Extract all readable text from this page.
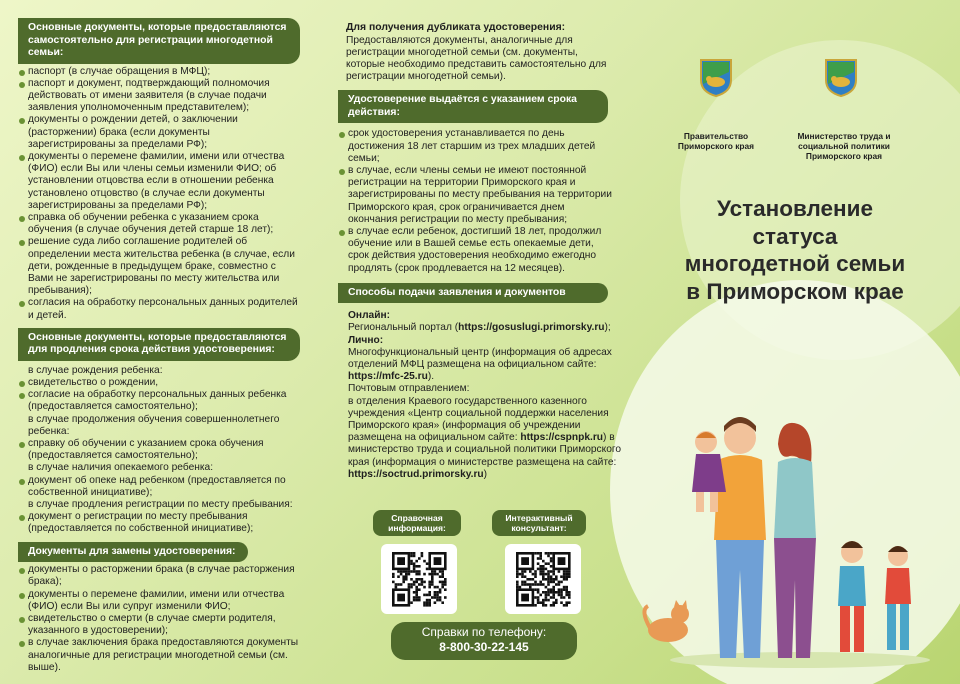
Основные документы, которые предоставляются самостоятельно для регистрации многодетной семьи:
паспорт (в случае обращения в МФЦ);
паспорт и документ, подтверждающий полномочия действовать от имени заявителя (в случае подачи заявления уполномоченным представителем);
документы о рождении детей, о заключении (расторжении) брака (если документы зарегистрированы за пределами РФ);
документы о перемене фамилии, имени или отчества (ФИО) если Вы или члены семьи изменили ФИО; об установлении отцовства если в отношении ребенка установлено отцовство (в случае если документы зарегистрированы за пределами РФ);
справка об обучении ребенка с указанием срока обучения (в случае обучения детей старше 18 лет);
решение суда либо соглашение родителей об определении места жительства ребенка (в случае, если дети, рожденные в предыдущем браке, совместно с Вами не зарегистрированы по месту жительства или пребывания);
согласия на обработку персональных данных родителей и детей.
Основные документы, которые предоставляются для продления срока действия удостоверения:
в случае рождения ребенка:
свидетельство о рождении,
согласие на обработку персональных данных ребенка (предоставляется самостоятельно);
в случае продолжения обучения совершеннолетнего ребенка:
справку об обучении с указанием срока обучения (предоставляется самостоятельно);
в случае наличия опекаемого ребенка:
документ об опеке над ребенком (предоставляется по собственной инициативе);
в случае продления регистрации по месту пребывания:
документ о регистрации по месту пребывания (предоставляется по собственной инициативе);
Документы для замены удостоверения:
документы о расторжении брака (в случае расторжения брака);
документы о перемене фамилии, имени или отчества (ФИО) если Вы или супруг изменили ФИО;
свидетельство о смерти (в случае смерти родителя, указанного в удостоверении);
в случае заключения брака предоставляются документы аналогичные для регистрации многодетной семьи (см. выше).
Для получения дубликата удостоверения:

Предоставляются документы, аналогичные для регистрации многодетной семьи (см. документы, которые необходимо представить самостоятельно для регистрации многодетной семьи).

Удостоверение выдаётся с указанием срока действия:
срок удостоверения устанавливается по день достижения 18 лет старшим из трех младших детей семьи;
в случае, если члены семьи не имеют постоянной регистрации на территории Приморского края и зарегистрированы по месту пребывания на территории Приморского края, срок ограничивается днем окончания регистрации по месту пребывания;
в случае если ребенок, достигший 18 лет, продолжил обучение или в Вашей семье есть опекаемые дети, срок действия удостоверения необходимо ежегодно продлять (срок продлевается на 12 месяцев).
Способы подачи заявления и документов
Онлайн:
Региональный портал (https://gosuslugi.primorsky.ru);
Лично:
Многофункциональный центр (информация об адресах отделений МФЦ размещена на официальном сайте: https://mfc-25.ru).
Почтовым отправлением:
в отделения Краевого государственного казенного учреждения «Центр социальной поддержки населения Приморского края» (информация об учреждении размещена на официальном сайте: https://cspnpk.ru) в министерство труда и социальной политики Приморского края (информация о министерстве размещена на сайте: https://soctrud.primorsky.ru)
Справочная информация:
Интерактивный консультант:
Справки по телефону:
8-800-30-22-145
Правительство Приморского края
Министерство труда и социальной политики Приморского края
Установление статуса многодетной семьи в Приморском крае
